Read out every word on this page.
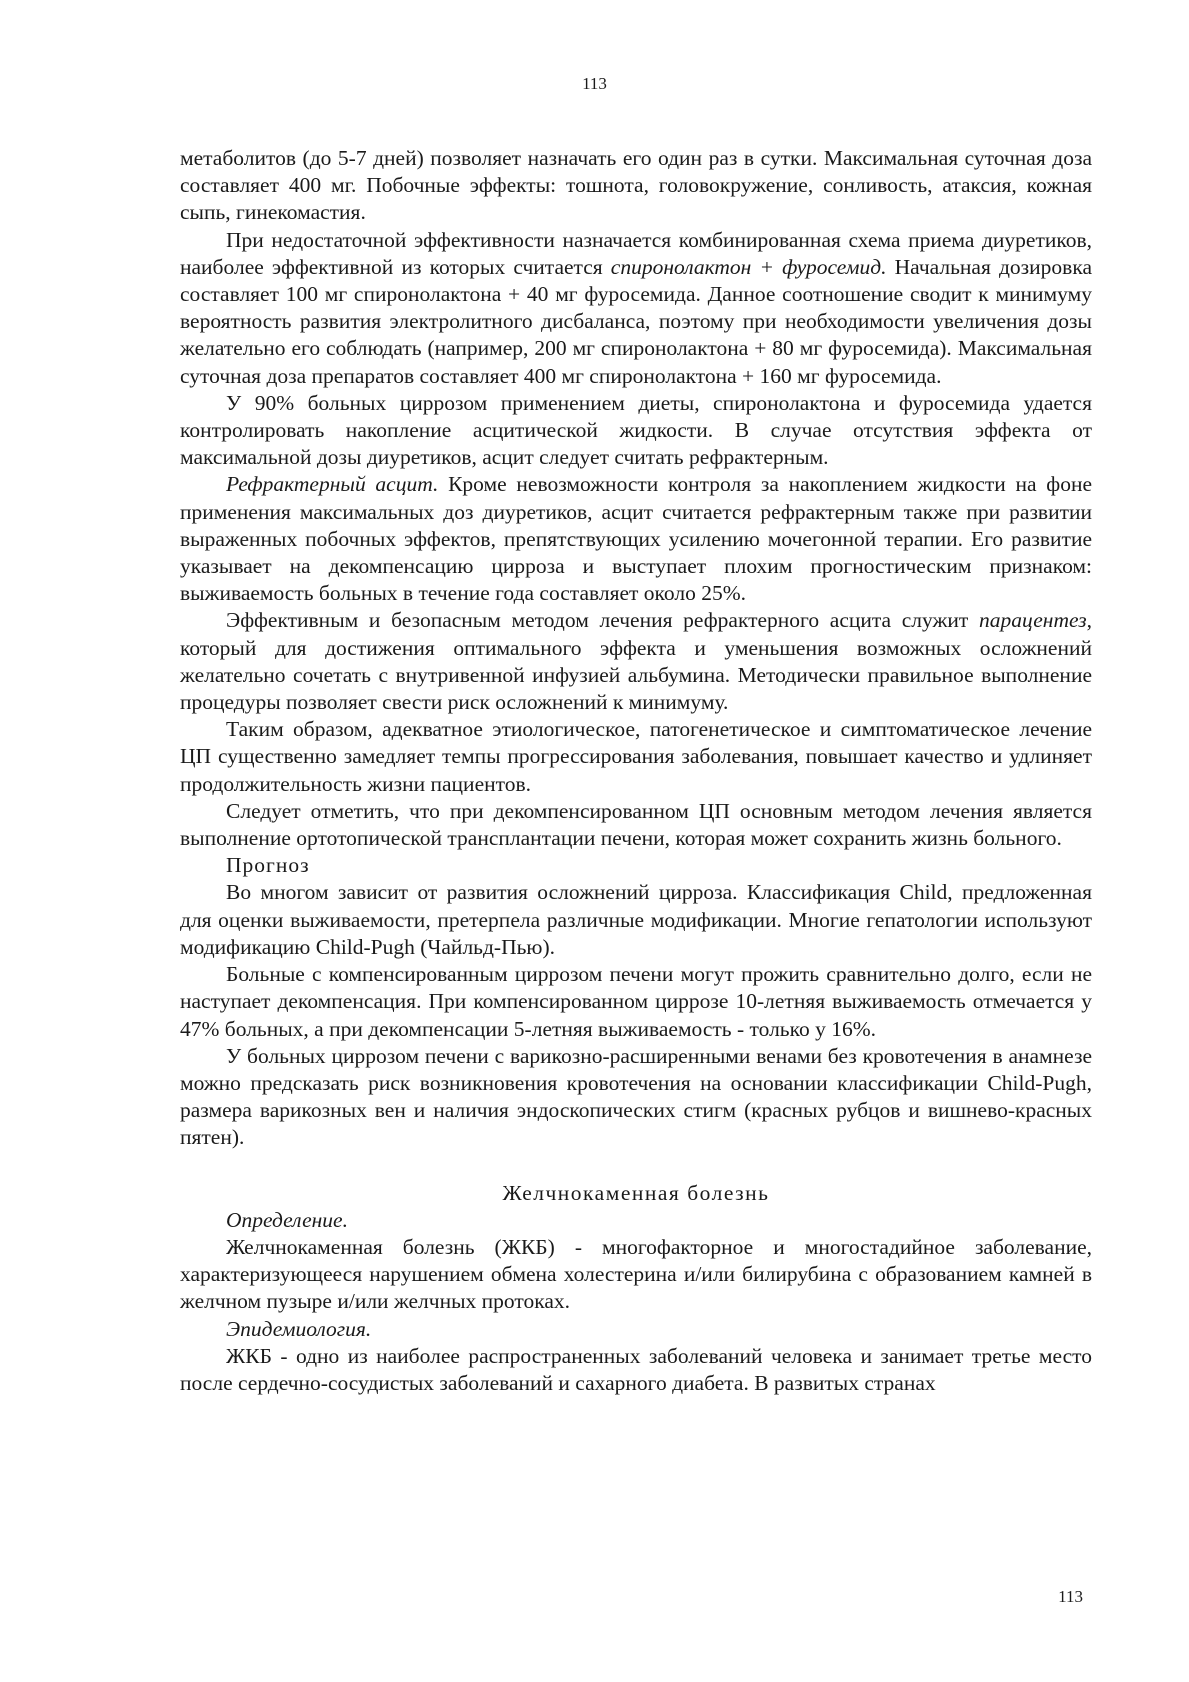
113

метаболитов (до 5-7 дней) позволяет назначать его один раз в сутки. Максимальная суточная доза составляет 400 мг. Побочные эффекты: тошнота, головокружение, сонливость, атаксия, кожная сыпь, гинекомастия.

При недостаточной эффективности назначается комбинированная схема приема диуретиков, наиболее эффективной из которых считается спиронолактон + фуросемид. Начальная дозировка составляет 100 мг спиронолактона + 40 мг фуросемида. Данное соотношение сводит к минимуму вероятность развития электролитного дисбаланса, поэтому при необходимости увеличения дозы желательно его соблюдать (например, 200 мг спиронолактона + 80 мг фуросемида). Максимальная суточная доза препаратов составляет 400 мг спиронолактона + 160 мг фуросемида.

У 90% больных циррозом применением диеты, спиронолактона и фуросемида удается контролировать накопление асцитической жидкости. В случае отсутствия эффекта от максимальной дозы диуретиков, асцит следует считать рефрактерным.

Рефрактерный асцит. Кроме невозможности контроля за накоплением жидкости на фоне применения максимальных доз диуретиков, асцит считается рефрактерным также при развитии выраженных побочных эффектов, препятствующих усилению мочегонной терапии. Его развитие указывает на декомпенсацию цирроза и выступает плохим прогностическим признаком: выживаемость больных в течение года составляет около 25%.

Эффективным и безопасным методом лечения рефрактерного асцита служит парацентез, который для достижения оптимального эффекта и уменьшения возможных осложнений желательно сочетать с внутривенной инфузией альбумина. Методически правильное выполнение процедуры позволяет свести риск осложнений к минимуму.

Таким образом, адекватное этиологическое, патогенетическое и симптоматическое лечение ЦП существенно замедляет темпы прогрессирования заболевания, повышает качество и удлиняет продолжительность жизни пациентов.

Следует отметить, что при декомпенсированном ЦП основным методом лечения является выполнение ортотопической трансплантации печени, которая может сохранить жизнь больного.

Прогноз

Во многом зависит от развития осложнений цирроза. Классификация Child, предложенная для оценки выживаемости, претерпела различные модификации. Многие гепатологии используют модификацию Child-Pugh (Чайльд-Пью).

Больные с компенсированным циррозом печени могут прожить сравнительно долго, если не наступает декомпенсация. При компенсированном циррозе 10-летняя выживаемость отмечается у 47% больных, а при декомпенсации 5-летняя выживаемость - только у 16%.

У больных циррозом печени с варикозно-расширенными венами без кровотечения в анамнезе можно предсказать риск возникновения кровотечения на основании классификации Child-Pugh, размера варикозных вен и наличия эндоскопических стигм (красных рубцов и вишнево-красных пятен).

Желчнокаменная болезнь

Определение.

Желчнокаменная болезнь (ЖКБ) - многофакторное и многостадийное заболевание, характеризующееся нарушением обмена холестерина и/или билирубина с образованием камней в желчном пузыре и/или желчных протоках.

Эпидемиология.

ЖКБ - одно из наиболее распространенных заболеваний человека и занимает третье место после сердечно-сосудистых заболеваний и сахарного диабета. В развитых странах

113
